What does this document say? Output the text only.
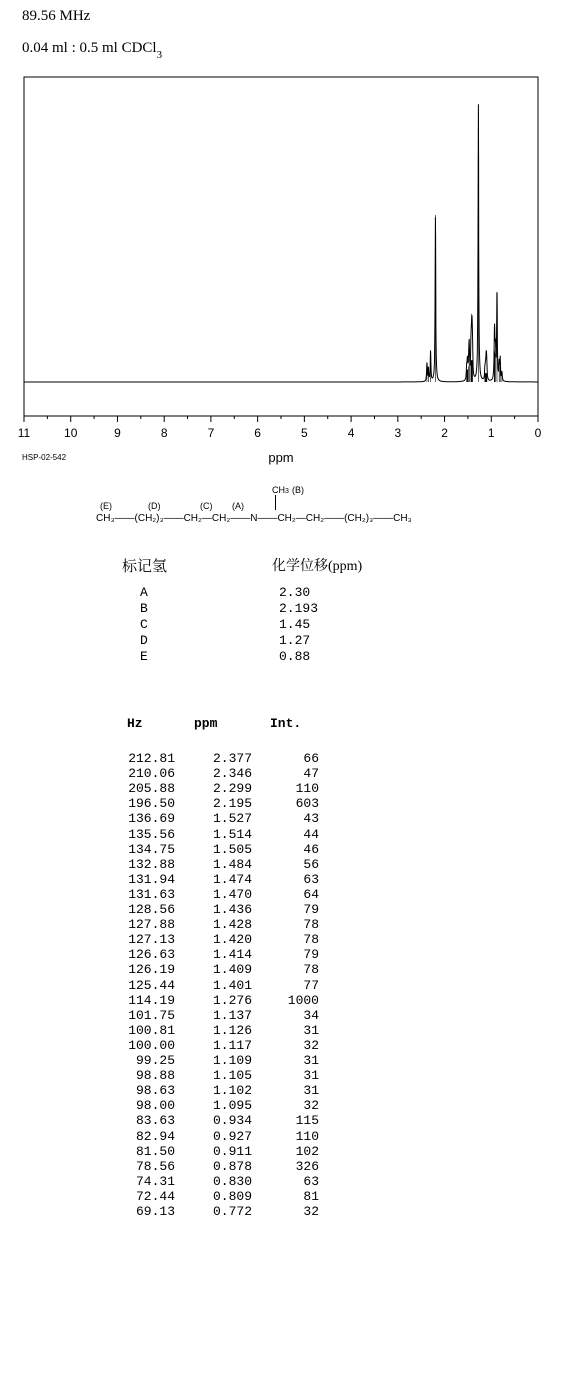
89.56 MHz
0.04 ml : 0.5 ml CDCl$_3$
11	10	9	8	7	6	5	4	3	2	1	0
ppm
HSP-02-542
(E)	(D)	(C) (A)
CH3 (B)
CH₃——(CH₂)₃——CH₂—CH₂——N——CH₂—CH₂——(CH₂)₃——CH₃
标记氢	化学位移(ppm)
A	2.30
B	2.193
C	1.45
D	1.27
E	0.88
Hz	ppm	Int.
212.81	2.377	66
210.06	2.346	47
205.88	2.299	110
196.50	2.195	603
136.69	1.527	43
135.56	1.514	44
134.75	1.505	46
132.88	1.484	56
131.94	1.474	63
131.63	1.470	64
128.56	1.436	79
127.88	1.428	78
127.13	1.420	78
126.63	1.414	79
126.19	1.409	78
125.44	1.401	77
114.19	1.276	1000
101.75	1.137	34
100.81	1.126	31
100.00	1.117	32
99.25	1.109	31
98.88	1.105	31
98.63	1.102	31
98.00	1.095	32
83.63	0.934	115
82.94	0.927	110
81.50	0.911	102
78.56	0.878	326
74.31	0.830	63
72.44	0.809	81
69.13	0.772	32
